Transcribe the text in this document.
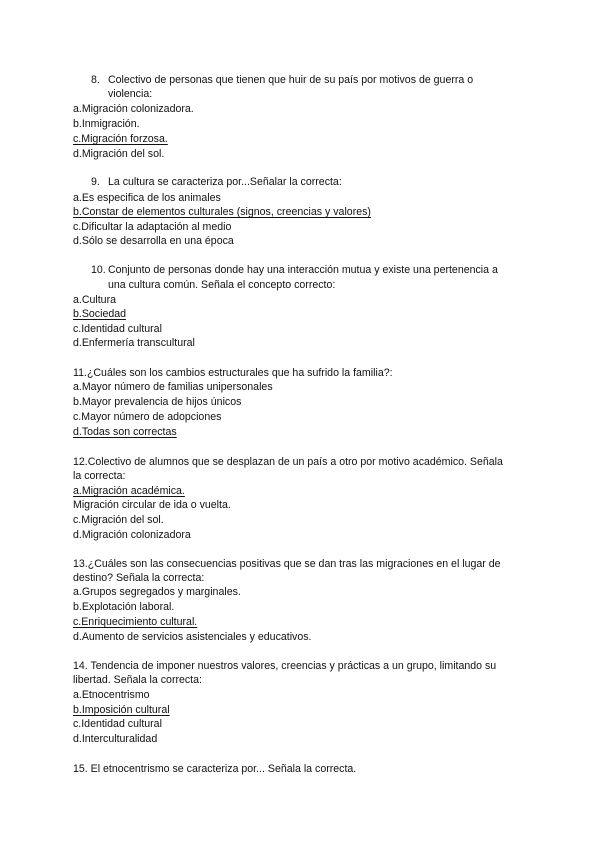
8. Colectivo de personas que tienen que huir de su país por motivos de guerra o
violencia:
a.Migración colonizadora.
b.Inmigración.
c.Migración forzosa.
d.Migración del sol.
9. La cultura se caracteriza por...Señalar la correcta:
a.Es especifica de los animales
b.Constar de elementos culturales (signos, creencias y valores)
c.Dificultar la adaptación al medio
d.Sólo se desarrolla en una época
10. Conjunto de personas donde hay una interacción mutua y existe una pertenencia a
una cultura común. Señala el concepto correcto:
a.Cultura
b.Sociedad
c.Identidad cultural
d.Enfermería transcultural
11.¿Cuáles son los cambios estructurales que ha sufrido la familia?:
a.Mayor número de familias unipersonales
b.Mayor prevalencia de hijos únicos
c.Mayor número de adopciones
d.Todas son correctas
12.Colectivo de alumnos que se desplazan de un país a otro por motivo académico. Señala
la correcta:
a.Migración académica.
Migración circular de ida o vuelta.
c.Migración del sol.
d.Migración colonizadora
13.¿Cuáles son las consecuencias positivas que se dan tras las migraciones en el lugar de
destino? Señala la correcta:
a.Grupos segregados y marginales.
b.Explotación laboral.
c.Enriquecimiento cultural.
d.Aumento de servicios asistenciales y educativos.
14. Tendencia de imponer nuestros valores, creencias y prácticas a un grupo, limitando su
libertad. Señala la correcta:
a.Etnocentrismo
b.Imposición cultural
c.Identidad cultural
d.Interculturalidad
15. El etnocentrismo se caracteriza por... Señala la correcta.
